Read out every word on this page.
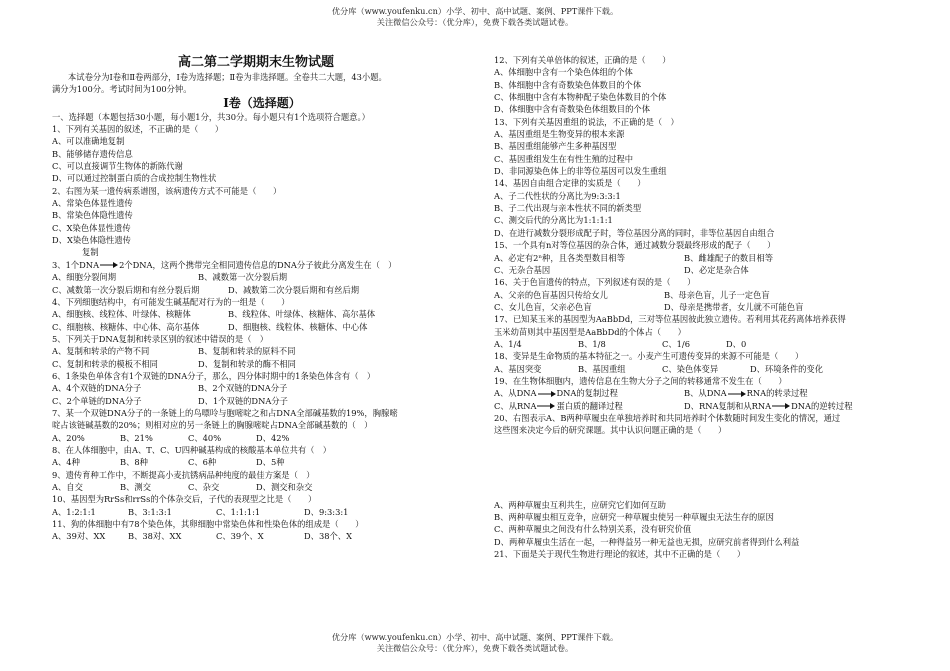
优分库（www.youfenku.cn）小学、初中、高中试题、案例、PPT课件下载。
关注微信公众号：（优分库），免费下载各类试题试卷。
高二第二学期期末生物试题
本试卷分为Ⅰ卷和Ⅱ卷两部分，Ⅰ卷为选择题；Ⅱ卷为非选择题。全卷共二大题，43小题。
满分为100分。考试时间为100分钟。
Ⅰ卷（选择题）
一、选择题（本题包括30小题，每小题1分，共30分。每小题只有1个选项符合题意。）
1、下列有关基因的叙述，不正确的是（　　）
A、可以准确地复制
B、能够储存遗传信息
C、可以直接调节生物体的新陈代谢
D、可以通过控制蛋白质的合成控制生物性状
2、右图为某一遗传病系谱图，该病遗传方式不可能是（　　）
A、常染色体显性遗传
B、常染色体隐性遗传
C、X染色体显性遗传
D、X染色体隐性遗传
复制
3、1个DNA 2个DNA，这两个携带完全相同遗传信息的DNA分子彼此分离发生在（　）
A、细胞分裂间期	B、减数第一次分裂后期
C、减数第一次分裂后期和有丝分裂后期	D、减数第二次分裂后期和有丝后期
4、下列细胞结构中，有可能发生碱基配对行为的一组是（　　）
A、细胞核、线粒体、叶绿体、核糖体	B、线粒体、叶绿体、核糖体、高尔基体
C、细胞核、核糖体、中心体、高尔基体	D、细胞核、线粒体、核糖体、中心体
5、下列关于DNA复制和转录区别的叙述中错误的是（　）
A、复制和转录的产物不同	B、复制和转录的原料不同
C、复制和转录的模板不相同	D、复制和转录的酶不相同
6、1条染色单体含有1个双链的DNA分子，那么，四分体时期中的1条染色体含有（　）
A、4个双链的DNA分子	B、2个双链的DNA分子
C、2个单链的DNA分子	D、1个双链的DNA分子
7、某一个双链DNA分子的一条链上的鸟嘌呤与胞嘧啶之和占DNA全部碱基数的19%，胸腺嘧
啶占该链碱基数的20%；则相对应的另一条链上的胸腺嘧啶占DNA全部碱基数的（　）
A、20%	B、21%	C、40%	D、42%
8、在人体细胞中，由A、T、C、U四种碱基构成的核酸基本单位共有（　）
A、4种	B、8种	C、6种	D、5种
9、遗传育种工作中，不断提高小麦抗锈病品种纯度的最佳方案是（　）
A、自交	B、测交	C、杂交	D、测交和杂交
10、基因型为RrSs和rrSs的个体杂交后，子代的表现型之比是（　　）
A、1:2:1:1	B、3:1:3:1	C、1:1:1:1	D、9:3:3:1
11、狗的体细胞中有78个染色体，其卵细胞中常染色体和性染色体的组成是（　　）
A、39对、XX	B、38对、XX	C、39个、X	D、38个、X
12、下列有关单倍体的叙述，正确的是（　　）
A、体细胞中含有一个染色体组的个体
B、体细胞中含有奇数染色体数目的个体
C、体细胞中含有本物种配子染色体数目的个体
D、体细胞中含有奇数染色体组数目的个体
13、下列有关基因重组的说法，不正确的是（　）
A、基因重组是生物变异的根本来源
B、基因重组能够产生多种基因型
C、基因重组发生在有性生殖的过程中
D、非同源染色体上的非等位基因可以发生重组
14、基因自由组合定律的实质是（　　）
A、子二代性状的分离比为9:3:3:1
B、子二代出现与亲本性状不同的新类型
C、测交后代的分离比为1:1:1:1
D、在进行减数分裂形成配子时，等位基因分离的同时，非等位基因自由组合
15、一个具有n对等位基因的杂合体，通过减数分裂最终形成的配子（　　）
A、必定有2ⁿ种，且各类型数目相等	B、雌雄配子的数目相等
C、无杂合基因	D、必定是杂合体
16、关于色盲遗传的特点，下列叙述有误的是（　　）
A、父亲的色盲基因只传给女儿	B、母亲色盲，儿子一定色盲
C、女儿色盲，父亲必色盲	D、母亲是携带者，女儿就不可能色盲
17、已知某玉米的基因型为AaBbDd，三对等位基因彼此独立遗传。若利用其花药离体培养获得
玉米幼苗则其中基因型是AaBbDd的个体占（　　）
A、1/4	B、1/8	C、1/6	D、0
18、变异是生命物质的基本特征之一。小麦产生可遗传变异的来源不可能是（　　）
A、基因突变	B、基因重组	C、染色体变异	D、环境条件的变化
19、在生物体细胞内，遗传信息在生物大分子之间的转移通常不发生在（　　）
A、从DNA DNA的复制过程	B、从DNA RNA的转录过程
C、从RNA 蛋白质的翻译过程	D、RNA复制和从RNA DNA的逆转过程
20、右图表示A、B两种草履虫在单独培养时和共同培养时个体数随时间发生变化的情况，通过
这些图来决定今后的研究课题。其中认识问题正确的是（　　）
A、两种草履虫互利共生，应研究它们如何互助
B、两种草履虫相互竞争，应研究一种草履虫使另一种草履虫无法生存的原因
C、两种草履虫之间没有什么特别关系，没有研究价值
D、两种草履虫生活在一起，一种得益另一种无益也无损，应研究前者得到什么利益
21、下面是关于现代生物进行理论的叙述，其中不正确的是（　　）
优分库（www.youfenku.cn）小学、初中、高中试题、案例、PPT课件下载。
关注微信公众号：（优分库），免费下载各类试题试卷。
